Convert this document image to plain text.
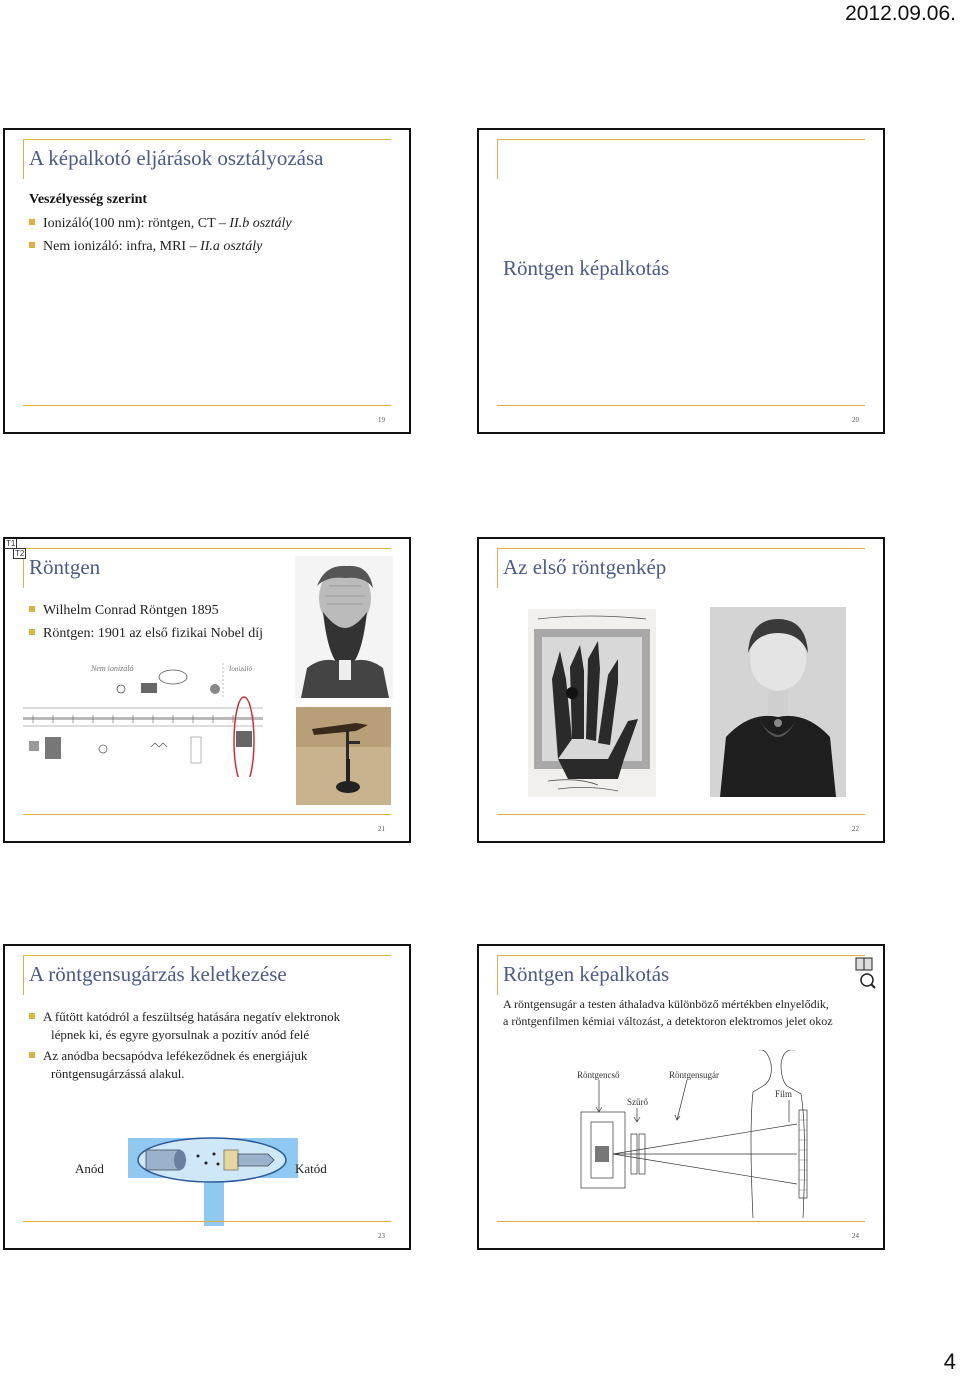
2012.09.06.
A képalkotó eljárások osztályozása
Veszélyesség szerint
Ionizáló(100 nm): röntgen, CT – II.b osztály
Nem ionizáló: infra, MRI – II.a osztály
19
Röntgen képalkotás
20
T1
T2
Röntgen
Wilhelm Conrad Röntgen 1895
Röntgen: 1901 az első fizikai Nobel díj
Nem ionizáló	Ionizáló
21
Az első röntgenkép
22
A röntgensugárzás keletkezése
A fűtött katódról a feszültség hatására negatív elektronok
lépnek ki, és egyre gyorsulnak a pozitív anód felé
Az anódba becsapódva lefékeződnek és energiájuk
röntgensugárzássá alakul.
Anód	Katód
23
Röntgen képalkotás
A röntgensugár a testen áthaladva különböző mértékben elnyelődik,
a röntgenfilmen kémiai változást, a detektoron elektromos jelet okoz
Röntgencső
Szűrő
Röntgensugár
Film
24
4
